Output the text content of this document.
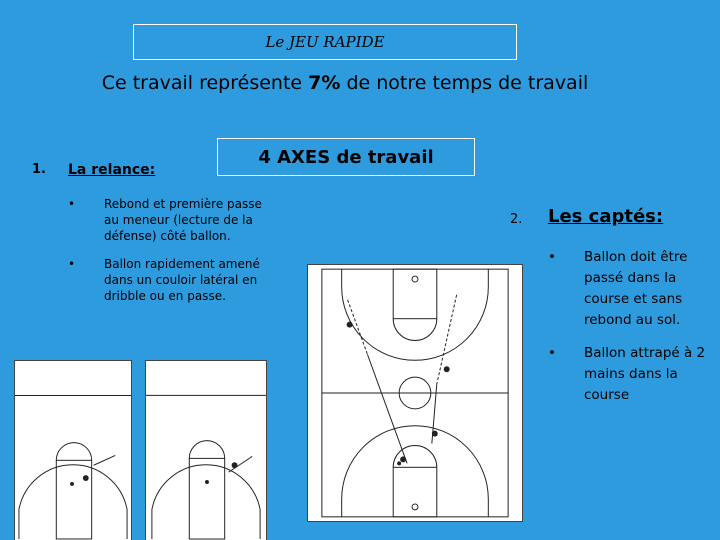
Le JEU RAPIDE
Ce travail représente 7% de notre temps de travail
4 AXES de travail
1. La relance:
• Rebond et première passe au meneur (lecture de la défense) côté ballon.
• Ballon rapidement amené dans un couloir latéral en dribble ou en passe.
2. Les captés:
• Ballon doit être passé dans la course et sans rebond au sol.
• Ballon attrapé à 2 mains dans la course
